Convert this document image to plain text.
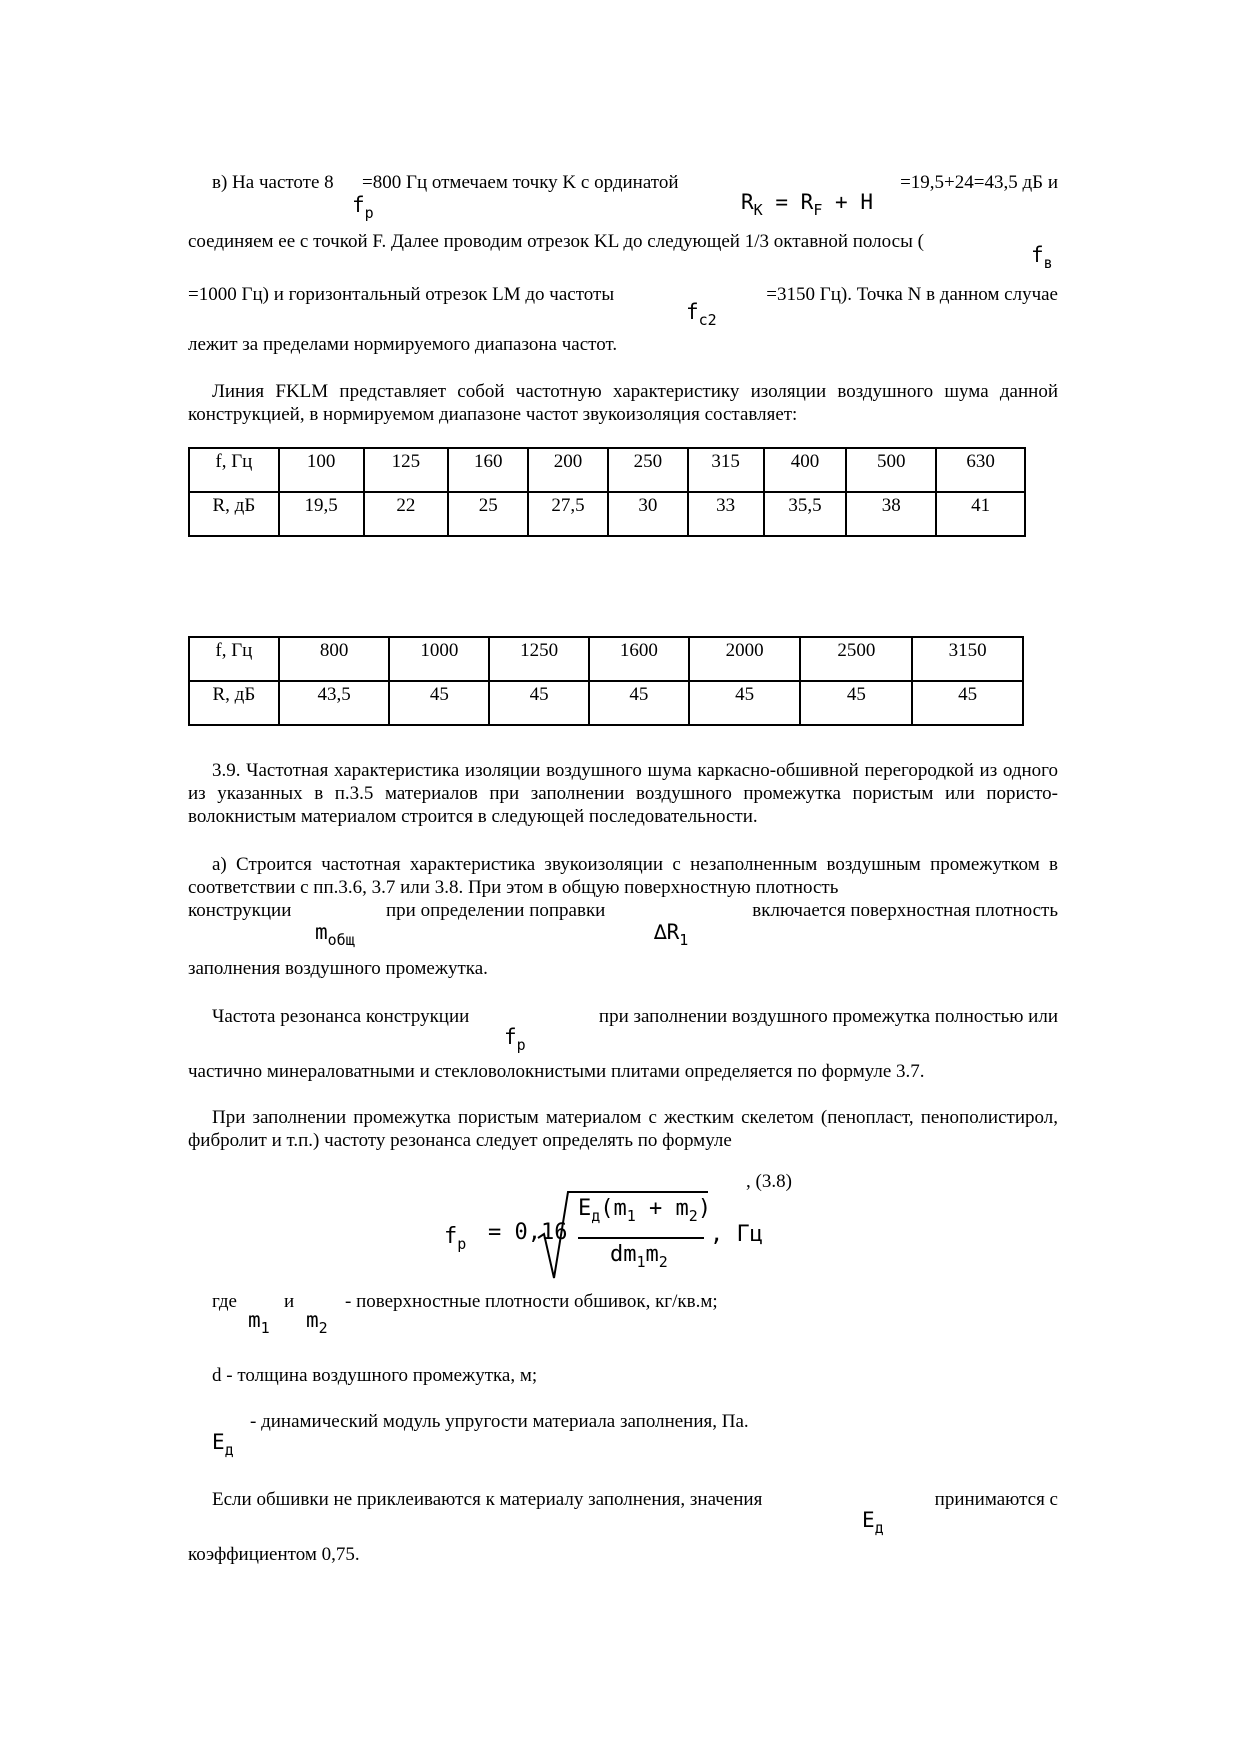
в) На частоте 8 =800 Гц отмечаем точку K с ординатой	=19,5+24=43,5 дБ и
$f_p$	$R_K = R_F + H$
соединяем ее с точкой F. Далее проводим отрезок KL до следующей 1/3 октавной полосы (
$f_в$
=1000 Гц) и горизонтальный отрезок LM до частоты	=3150 Гц). Точка N в данном случае
$f_{c2}$
лежит за пределами нормируемого диапазона частот.

Линия FKLM представляет собой частотную характеристику изоляции воздушного шума данной конструкцией, в нормируемом диапазоне частот звукоизоляция составляет:

f, Гц	100	125	160	200	250	315	400	500	630
R, дБ	19,5	22	25	27,5	30	33	35,5	38	41
f, Гц	800	1000	1250	1600	2000	2500	3150
R, дБ	43,5	45	45	45	45	45	45

3.9. Частотная характеристика изоляции воздушного шума каркасно-обшивной перегородкой из одного из указанных в п.3.5 материалов при заполнении воздушного промежутка пористым или пористо-волокнистым материалом строится в следующей последовательности.

а) Строится частотная характеристика звукоизоляции с незаполненным воздушным промежутком в соответствии с пп.3.6, 3.7 или 3.8. При этом в общую поверхностную плотность

конструкции	при определении поправки	включается поверхностная плотность
$m_{общ}$	$\Delta R_1$
заполнения воздушного промежутка.
Частота резонанса конструкции	при заполнении воздушного промежутка полностью или
$f_p$
частично минераловатными и стекловолокнистыми плитами определяется по формуле 3.7.

При заполнении промежутка пористым материалом с жестким скелетом (пенопласт, пенополистирол, фибролит и т.п.) частоту резонанса следует определять по формуле

, (3.8)
$f_p = 0,16$
$E_д(m_1 + m_2)$
$dm_1m_2$
, Гц
где и	- поверхностные плотности обшивок, кг/кв.м;
$m_1$ $m_2$
d - толщина воздушного промежутка, м;
- динамический модуль упругости материала заполнения, Па.
$E_д$
Если обшивки не приклеиваются к материалу заполнения, значения	принимаются с
$E_д$
коэффициентом 0,75.
